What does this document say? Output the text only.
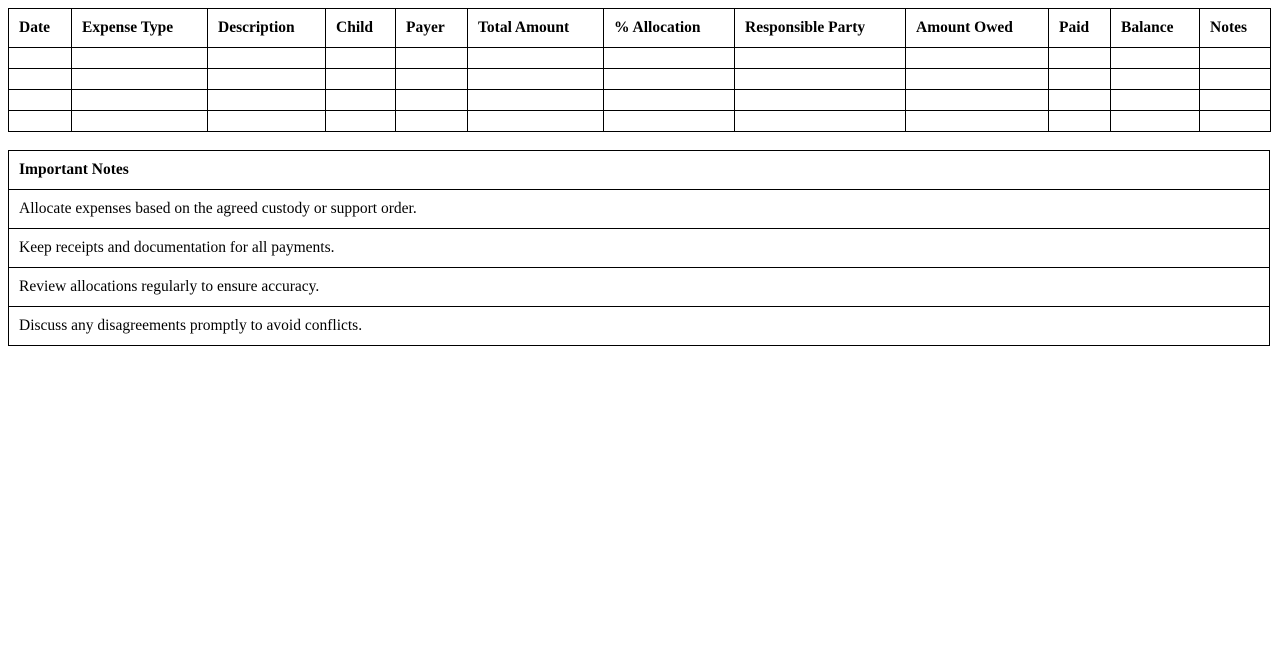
Date	Expense Type	Description	Child	Payer	Total Amount	% Allocation	Responsible Party	Amount Owed	Paid	Balance	Notes

Important Notes
Allocate expenses based on the agreed custody or support order.
Keep receipts and documentation for all payments.
Review allocations regularly to ensure accuracy.
Discuss any disagreements promptly to avoid conflicts.
